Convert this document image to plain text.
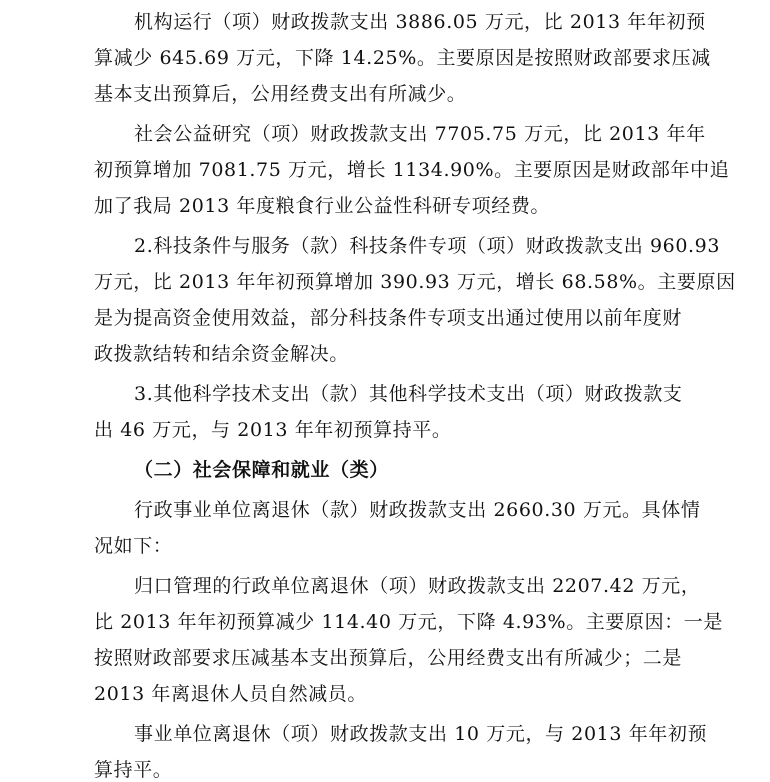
机构运行（项）财政拨款支出 3886.05 万元，比 2013 年年初预
算减少 645.69 万元，下降 14.25%。主要原因是按照财政部要求压减
基本支出预算后，公用经费支出有所减少。

社会公益研究（项）财政拨款支出 7705.75 万元，比 2013 年年
初预算增加 7081.75 万元，增长 1134.90%。主要原因是财政部年中追
加了我局 2013 年度粮食行业公益性科研专项经费。

2.科技条件与服务（款）科技条件专项（项）财政拨款支出 960.93
万元，比 2013 年年初预算增加 390.93 万元，增长 68.58%。主要原因
是为提高资金使用效益，部分科技条件专项支出通过使用以前年度财
政拨款结转和结余资金解决。

3.其他科学技术支出（款）其他科学技术支出（项）财政拨款支
出 46 万元，与 2013 年年初预算持平。

（二）社会保障和就业（类）

行政事业单位离退休（款）财政拨款支出 2660.30 万元。具体情
况如下：

归口管理的行政单位离退休（项）财政拨款支出 2207.42 万元，
比 2013 年年初预算减少 114.40 万元，下降 4.93%。主要原因：一是
按照财政部要求压减基本支出预算后，公用经费支出有所减少；二是
2013 年离退休人员自然减员。

事业单位离退休（项）财政拨款支出 10 万元，与 2013 年年初预
算持平。
